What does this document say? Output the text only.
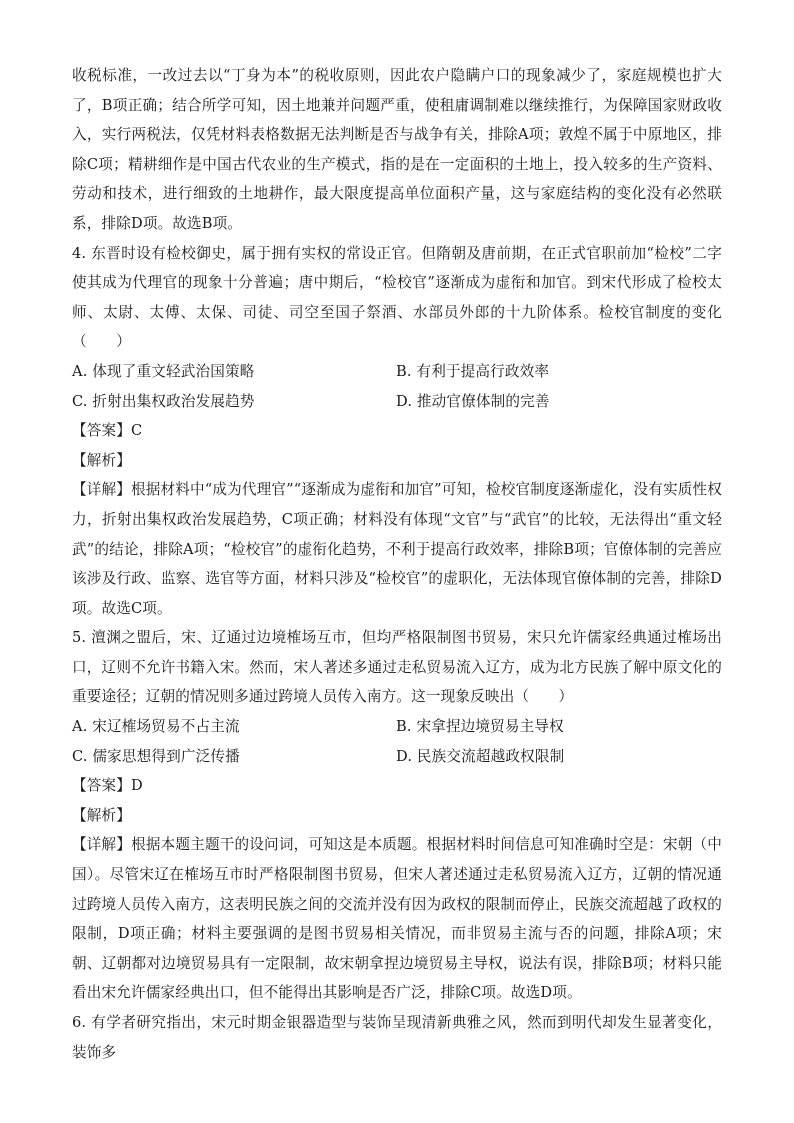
收税标准，一改过去以“丁身为本”的税收原则，因此农户隐瞒户口的现象减少了，家庭规模也扩大了，B项正确；结合所学可知，因土地兼并问题严重，使租庸调制难以继续推行，为保障国家财政收入，实行两税法，仅凭材料表格数据无法判断是否与战争有关，排除A项；敦煌不属于中原地区，排除C项；精耕细作是中国古代农业的生产模式，指的是在一定面积的土地上，投入较多的生产资料、劳动和技术，进行细致的土地耕作，最大限度提高单位面积产量，这与家庭结构的变化没有必然联系，排除D项。故选B项。

4. 东晋时设有检校御史，属于拥有实权的常设正官。但隋朝及唐前期，在正式官职前加“检校”二字使其成为代理官的现象十分普遍；唐中期后，“检校官”逐渐成为虚衔和加官。到宋代形成了检校太师、太尉、太傅、太保、司徒、司空至国子祭酒、水部员外郎的十九阶体系。检校官制度的变化（　　）

A. 体现了重文轻武治国策略	B. 有利于提高行政效率
C. 折射出集权政治发展趋势	D. 推动官僚体制的完善

【答案】C

【解析】

【详解】根据材料中“成为代理官”“逐渐成为虚衔和加官”可知，检校官制度逐渐虚化，没有实质性权力，折射出集权政治发展趋势，C项正确；材料没有体现“文官”与“武官”的比较，无法得出“重文轻武”的结论，排除A项；“检校官”的虚衔化趋势，不利于提高行政效率，排除B项；官僚体制的完善应该涉及行政、监察、选官等方面，材料只涉及“检校官”的虚职化，无法体现官僚体制的完善，排除D项。故选C项。

5. 澶渊之盟后，宋、辽通过边境榷场互市，但均严格限制图书贸易，宋只允许儒家经典通过榷场出口，辽则不允许书籍入宋。然而，宋人著述多通过走私贸易流入辽方，成为北方民族了解中原文化的重要途径；辽朝的情况则多通过跨境人员传入南方。这一现象反映出（　　）

A. 宋辽榷场贸易不占主流	B. 宋拿捏边境贸易主导权
C. 儒家思想得到广泛传播	D. 民族交流超越政权限制

【答案】D

【解析】

【详解】根据本题主题干的设问词，可知这是本质题。根据材料时间信息可知准确时空是：宋朝（中国）。尽管宋辽在榷场互市时严格限制图书贸易，但宋人著述通过走私贸易流入辽方，辽朝的情况通过跨境人员传入南方，这表明民族之间的交流并没有因为政权的限制而停止，民族交流超越了政权的限制，D项正确；材料主要强调的是图书贸易相关情况，而非贸易主流与否的问题，排除A项；宋朝、辽朝都对边境贸易具有一定限制，故宋朝拿捏边境贸易主导权，说法有误，排除B项；材料只能看出宋允许儒家经典出口，但不能得出其影响是否广泛，排除C项。故选D项。

6. 有学者研究指出，宋元时期金银器造型与装饰呈现清新典雅之风，然而到明代却发生显著变化，装饰多
